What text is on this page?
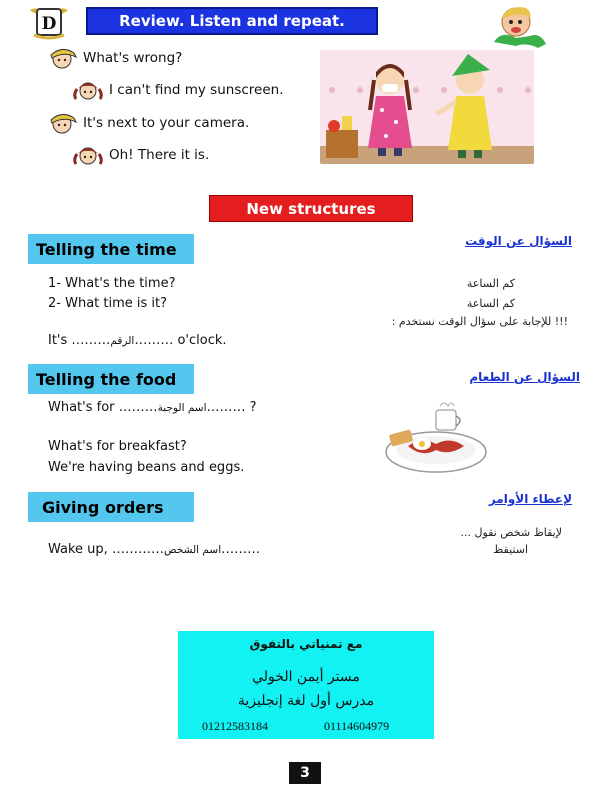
D	Review. Listen and repeat.
What's wrong?
I can't find my sunscreen.
It's next to your camera.
Oh! There it is.
New structures
Telling the time	السؤال عن الوقت
1- What's the time?
2- What time is it?
كم الساعة
كم الساعة
!!! للإجابة على سؤال الوقت نستخدم :
It's ………الرقم……… o'clock.
Telling the food	السؤال عن الطعام
What's for ………اسم الوجبة……… ?
What's for breakfast?
We're having beans and eggs.
Giving orders	لإعطاء الأوامر
لإيقاظ شخص نقول ...
استيقظ
Wake up, …………اسم الشخص………
مع تمنياتي بالتفوق
مستر أيمن الخولي
مدرس أول لغة إنجليزية
01212583184	01114604979
3
